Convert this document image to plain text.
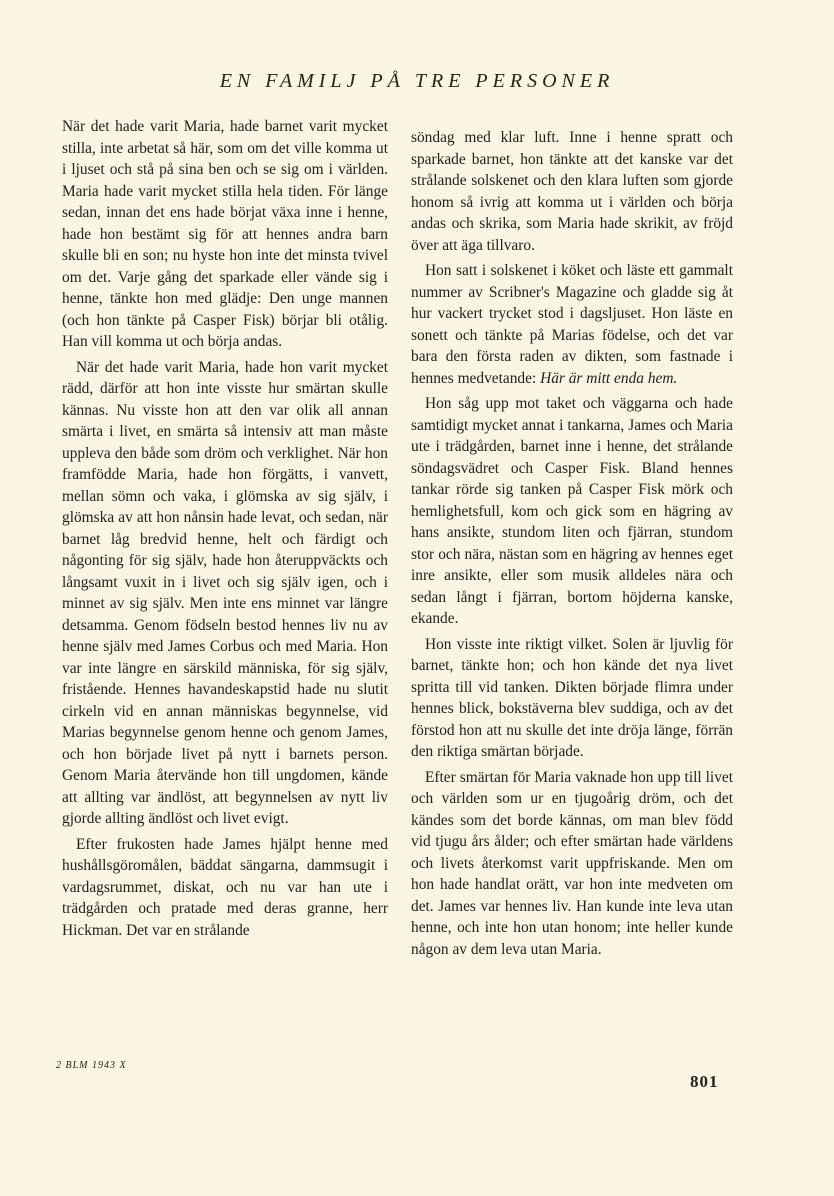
EN FAMILJ PÅ TRE PERSONER

När det hade varit Maria, hade barnet varit mycket stilla, inte arbetat så här, som om det ville komma ut i ljuset och stå på sina ben och se sig om i världen. Maria hade varit mycket stilla hela tiden. För länge sedan, innan det ens hade börjat växa inne i henne, hade hon bestämt sig för att hennes andra barn skulle bli en son; nu hyste hon inte det minsta tvivel om det. Varje gång det sparkade eller vände sig i henne, tänkte hon med glädje: Den unge mannen (och hon tänkte på Casper Fisk) börjar bli otålig. Han vill komma ut och börja andas.

När det hade varit Maria, hade hon varit mycket rädd, därför att hon inte visste hur smärtan skulle kännas. Nu visste hon att den var olik all annan smärta i livet, en smärta så intensiv att man måste uppleva den både som dröm och verklighet. När hon framfödde Maria, hade hon förgätts, i vanvett, mellan sömn och vaka, i glömska av sig själv, i glömska av att hon nånsin hade levat, och sedan, när barnet låg bredvid henne, helt och färdigt och någonting för sig själv, hade hon återuppväckts och långsamt vuxit in i livet och sig själv igen, och i minnet av sig själv. Men inte ens minnet var längre detsamma. Genom födseln bestod hennes liv nu av henne själv med James Corbus och med Maria. Hon var inte längre en särskild människa, för sig själv, fristående. Hennes havandeskapstid hade nu slutit cirkeln vid en annan människas begynnelse, vid Marias begynnelse genom henne och genom James, och hon började livet på nytt i barnets person. Genom Maria återvände hon till ungdomen, kände att allting var ändlöst, att begynnelsen av nytt liv gjorde allting ändlöst och livet evigt.

Efter frukosten hade James hjälpt henne med hushållsgöromålen, bäddat sängarna, dammsugit i vardagsrummet, diskat, och nu var han ute i trädgården och pratade med deras granne, herr Hickman. Det var en strålande

söndag med klar luft. Inne i henne spratt och sparkade barnet, hon tänkte att det kanske var det strålande solskenet och den klara luften som gjorde honom så ivrig att komma ut i världen och börja andas och skrika, som Maria hade skrikit, av fröjd över att äga tillvaro.

Hon satt i solskenet i köket och läste ett gammalt nummer av Scribner's Magazine och gladde sig åt hur vackert trycket stod i dagsljuset. Hon läste en sonett och tänkte på Marias födelse, och det var bara den första raden av dikten, som fastnade i hennes medvetande: Här är mitt enda hem.

Hon såg upp mot taket och väggarna och hade samtidigt mycket annat i tankarna, James och Maria ute i trädgården, barnet inne i henne, det strålande söndagsvädret och Casper Fisk. Bland hennes tankar rörde sig tanken på Casper Fisk mörk och hemlighetsfull, kom och gick som en hägring av hans ansikte, stundom liten och fjärran, stundom stor och nära, nästan som en hägring av hennes eget inre ansikte, eller som musik alldeles nära och sedan långt i fjärran, bortom höjderna kanske, ekande.

Hon visste inte riktigt vilket. Solen är ljuvlig för barnet, tänkte hon; och hon kände det nya livet spritta till vid tanken. Dikten började flimra under hennes blick, bokstäverna blev suddiga, och av det förstod hon att nu skulle det inte dröja länge, förrän den riktiga smärtan började.

Efter smärtan för Maria vaknade hon upp till livet och världen som ur en tjugoårig dröm, och det kändes som det borde kännas, om man blev född vid tjugu års ålder; och efter smärtan hade världens och livets återkomst varit uppfriskande. Men om hon hade handlat orätt, var hon inte medveten om det. James var hennes liv. Han kunde inte leva utan henne, och inte hon utan honom; inte heller kunde någon av dem leva utan Maria.

2 BLM 1943 X
801
